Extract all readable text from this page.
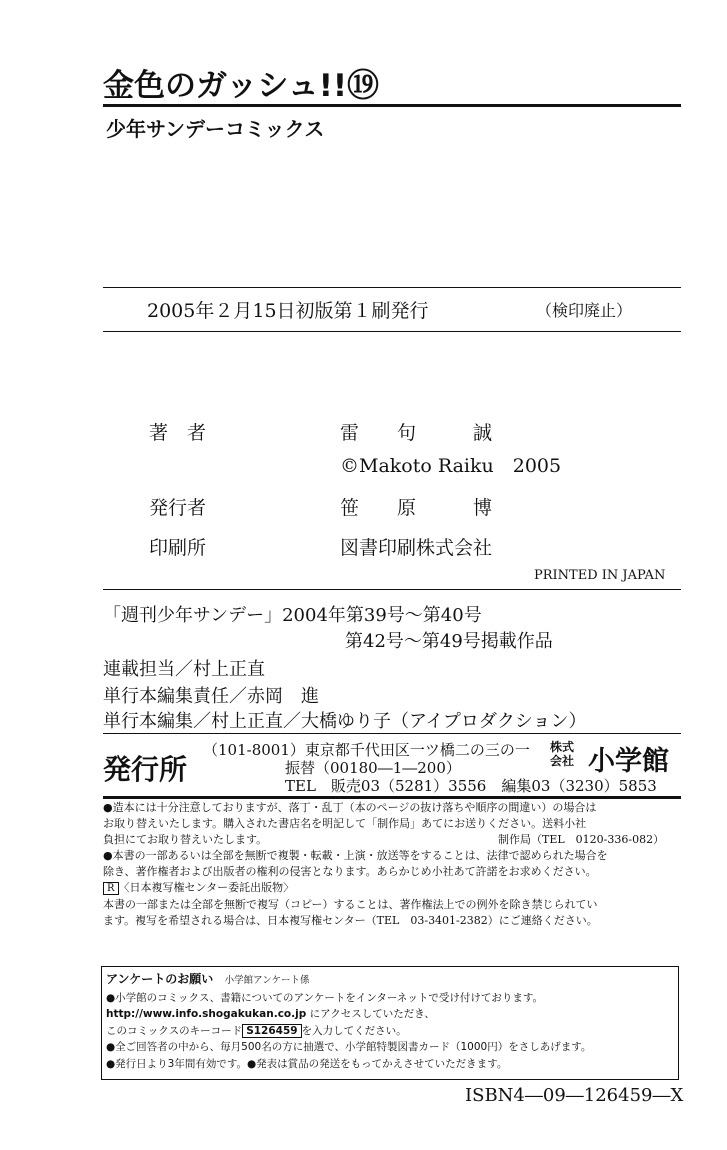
金色のガッシュ!!⑲
少年サンデーコミックス
2005年２月15日初版第１刷発行	（検印廃止）
著　者	雷　　句　　　誠
©Makoto Raiku　2005
発行者	笹　　原　　　博
印刷所	図書印刷株式会社
PRINTED IN JAPAN
「週刊少年サンデー」2004年第39号～第40号
第42号～第49号掲載作品
連載担当／村上正直
単行本編集責任／赤岡　進
単行本編集／村上正直／大橋ゆり子（アイプロダクション）
発行所
（101-8001）東京都千代田区一ツ橋二の三の一
振替（00180―1―200）
TEL　販売03（5281）3556　編集03（3230）5853
株式
会社 小学館
●造本には十分注意しておりますが、落丁・乱丁（本のページの抜け落ちや順序の間違い）の場合は
お取り替えいたします。購入された書店名を明記して「制作局」あてにお送りください。送料小社
負担にてお取り替えいたします。	制作局（TEL　0120-336-082）
●本書の一部あるいは全部を無断で複製・転載・上演・放送等をすることは、法律で認められた場合を
除き、著作権者および出版者の権利の侵害となります。あらかじめ小社あて許諾をお求めください。
R 〈日本複写権センター委託出版物〉
本書の一部または全部を無断で複写（コピー）することは、著作権法上での例外を除き禁じられてい
ます。複写を希望される場合は、日本複写権センター（TEL　03-3401-2382）にご連絡ください。
アンケートのお願い 小学館アンケート係
●小学館のコミックス、書籍についてのアンケートをインターネットで受け付けております。
http://www.info.shogakukan.co.jp にアクセスしていただき、
このコミックスのキーコード S126459 を入力してください。
●全ご回答者の中から、毎月500名の方に抽選で、小学館特製図書カード（1000円）をさしあげます。
●発行日より3年間有効です。●発表は賞品の発送をもってかえさせていただきます。
ISBN4―09―126459―X
